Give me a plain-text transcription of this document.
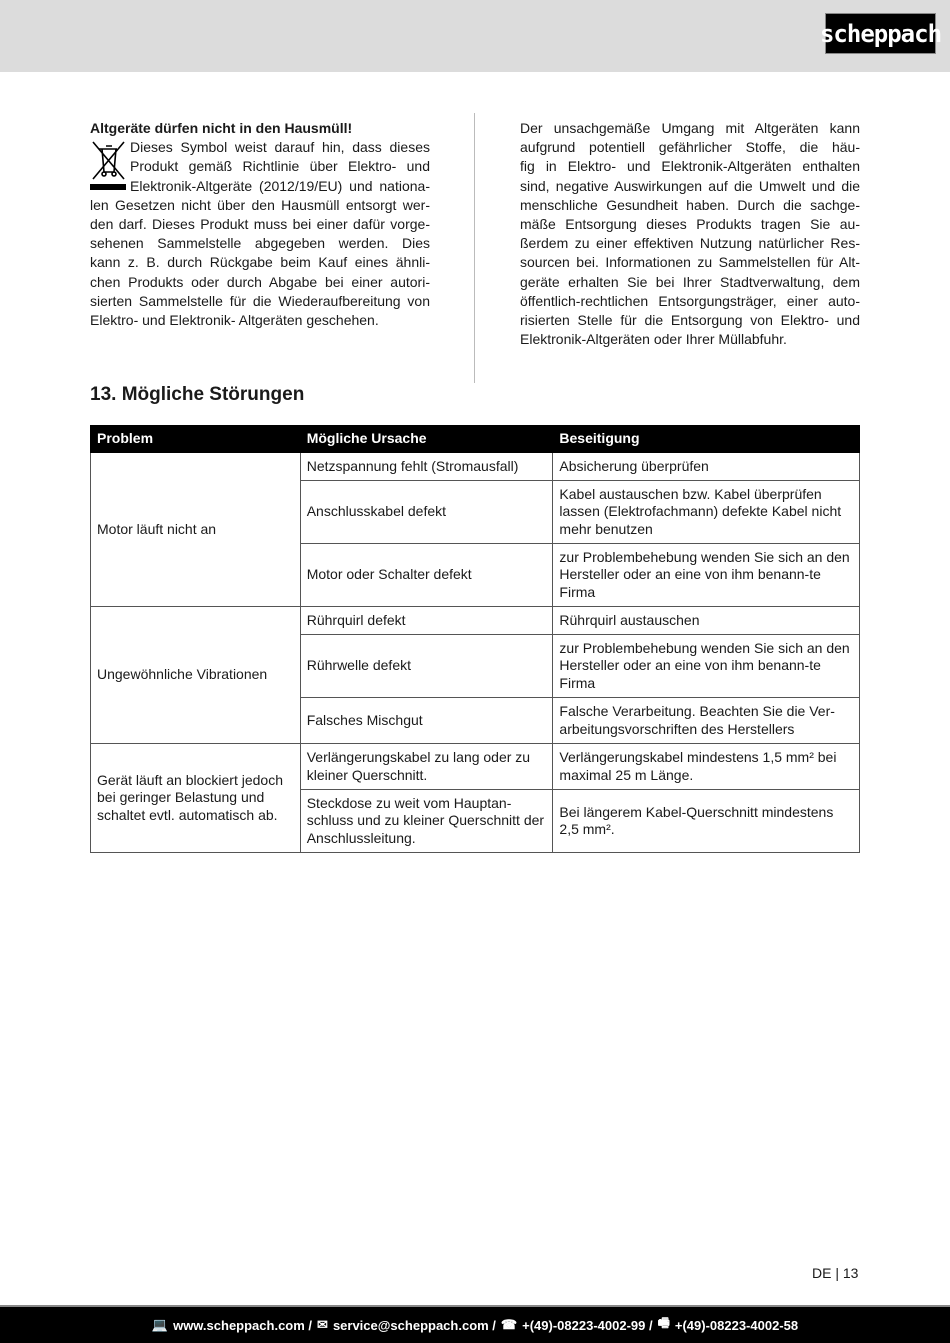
scheppach
Altgeräte dürfen nicht in den Hausmüll!
Dieses Symbol weist darauf hin, dass dieses
Produkt gemäß Richtlinie über Elektro- und
Elektronik-Altgeräte (2012/19/EU) und nationa-
len Gesetzen nicht über den Hausmüll entsorgt wer-
den darf. Dieses Produkt muss bei einer dafür vorge-
sehenen Sammelstelle abgegeben werden. Dies
kann z. B. durch Rückgabe beim Kauf eines ähnli-
chen Produkts oder durch Abgabe bei einer autori-
sierten Sammelstelle für die Wiederaufbereitung von
Elektro- und Elektronik- Altgeräten geschehen.
Der unsachgemäße Umgang mit Altgeräten kann
aufgrund potentiell gefährlicher Stoffe, die häu-
fig in Elektro- und Elektronik-Altgeräten enthalten
sind, negative Auswirkungen auf die Umwelt und die
menschliche Gesundheit haben. Durch die sachge-
mäße Entsorgung dieses Produkts tragen Sie au-
ßerdem zu einer effektiven Nutzung natürlicher Res-
sourcen bei. Informationen zu Sammelstellen für Alt-
geräte erhalten Sie bei Ihrer Stadtverwaltung, dem
öffentlich-rechtlichen Entsorgungsträger, einer auto-
risierten Stelle für die Entsorgung von Elektro- und
Elektronik-Altgeräten oder Ihrer Müllabfuhr.
13. Mögliche Störungen
Problem	Mögliche Ursache	Beseitigung
Motor läuft nicht an	Netzspannung fehlt (Stromausfall)	Absicherung überprüfen
	Anschlusskabel defekt	Kabel austauschen bzw. Kabel überprüfen lassen (Elektrofachmann) defekte Kabel nicht mehr benutzen
	Motor oder Schalter defekt	zur Problembehebung wenden Sie sich an den Hersteller oder an eine von ihm benann-te Firma
Ungewöhnliche Vibrationen	Rührquirl defekt	Rührquirl austauschen
	Rührwelle defekt	zur Problembehebung wenden Sie sich an den Hersteller oder an eine von ihm benann-te Firma
	Falsches Mischgut	Falsche Verarbeitung. Beachten Sie die Ver-arbeitungsvorschriften des Herstellers
Gerät läuft an blockiert jedoch bei geringer Belastung und schaltet evtl. automatisch ab.	Verlängerungskabel zu lang oder zu kleiner Querschnitt.	Verlängerungskabel mindestens 1,5 mm² bei maximal 25 m Länge.
	Steckdose zu weit vom Hauptan-schluss und zu kleiner Querschnitt der Anschlussleitung.	Bei längerem Kabel-Querschnitt mindestens 2,5 mm².
DE | 13
💻 www.scheppach.com / ✉ service@scheppach.com / ☎ +(49)-08223-4002-99 / 🖷 +(49)-08223-4002-58
